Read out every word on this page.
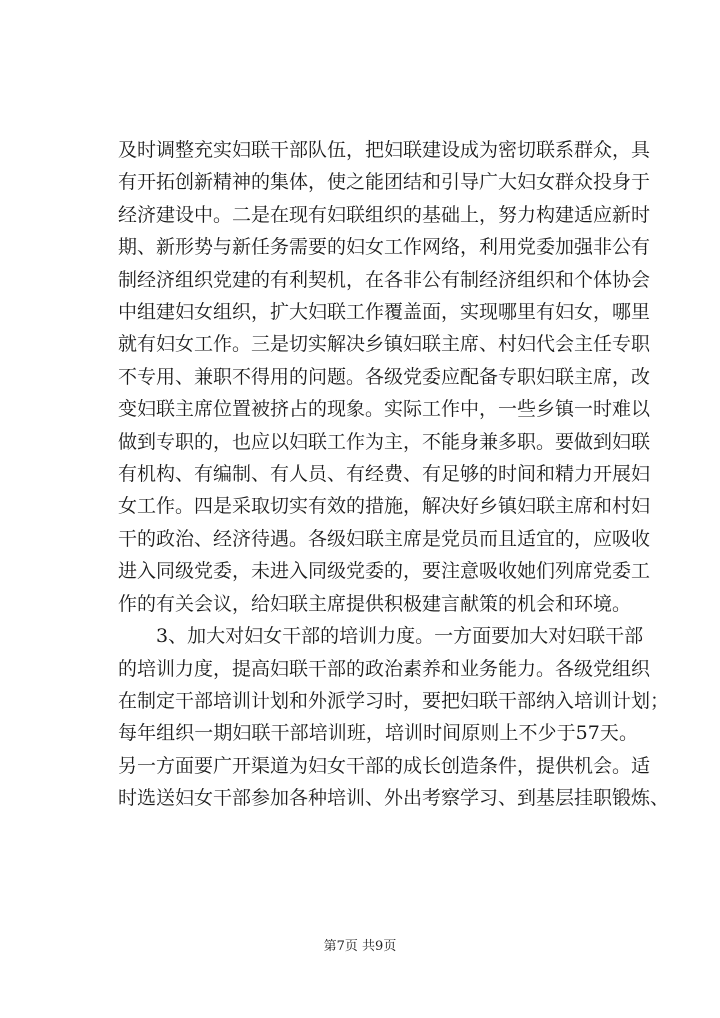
及时调整充实妇联干部队伍，把妇联建设成为密切联系群众，具
有开拓创新精神的集体，使之能团结和引导广大妇女群众投身于
经济建设中。二是在现有妇联组织的基础上，努力构建适应新时
期、新形势与新任务需要的妇女工作网络，利用党委加强非公有
制经济组织党建的有利契机，在各非公有制经济组织和个体协会
中组建妇女组织，扩大妇联工作覆盖面，实现哪里有妇女，哪里
就有妇女工作。三是切实解决乡镇妇联主席、村妇代会主任专职
不专用、兼职不得用的问题。各级党委应配备专职妇联主席，改
变妇联主席位置被挤占的现象。实际工作中，一些乡镇一时难以
做到专职的，也应以妇联工作为主，不能身兼多职。要做到妇联
有机构、有编制、有人员、有经费、有足够的时间和精力开展妇
女工作。四是采取切实有效的措施，解决好乡镇妇联主席和村妇
干的政治、经济待遇。各级妇联主席是党员而且适宜的，应吸收
进入同级党委，未进入同级党委的，要注意吸收她们列席党委工
作的有关会议，给妇联主席提供积极建言献策的机会和环境。
3、加大对妇女干部的培训力度。一方面要加大对妇联干部
的培训力度，提高妇联干部的政治素养和业务能力。各级党组织
在制定干部培训计划和外派学习时，要把妇联干部纳入培训计划；
每年组织一期妇联干部培训班，培训时间原则上不少于57天。
另一方面要广开渠道为妇女干部的成长创造条件，提供机会。适
时选送妇女干部参加各种培训、外出考察学习、到基层挂职锻炼、
第7页 共9页
